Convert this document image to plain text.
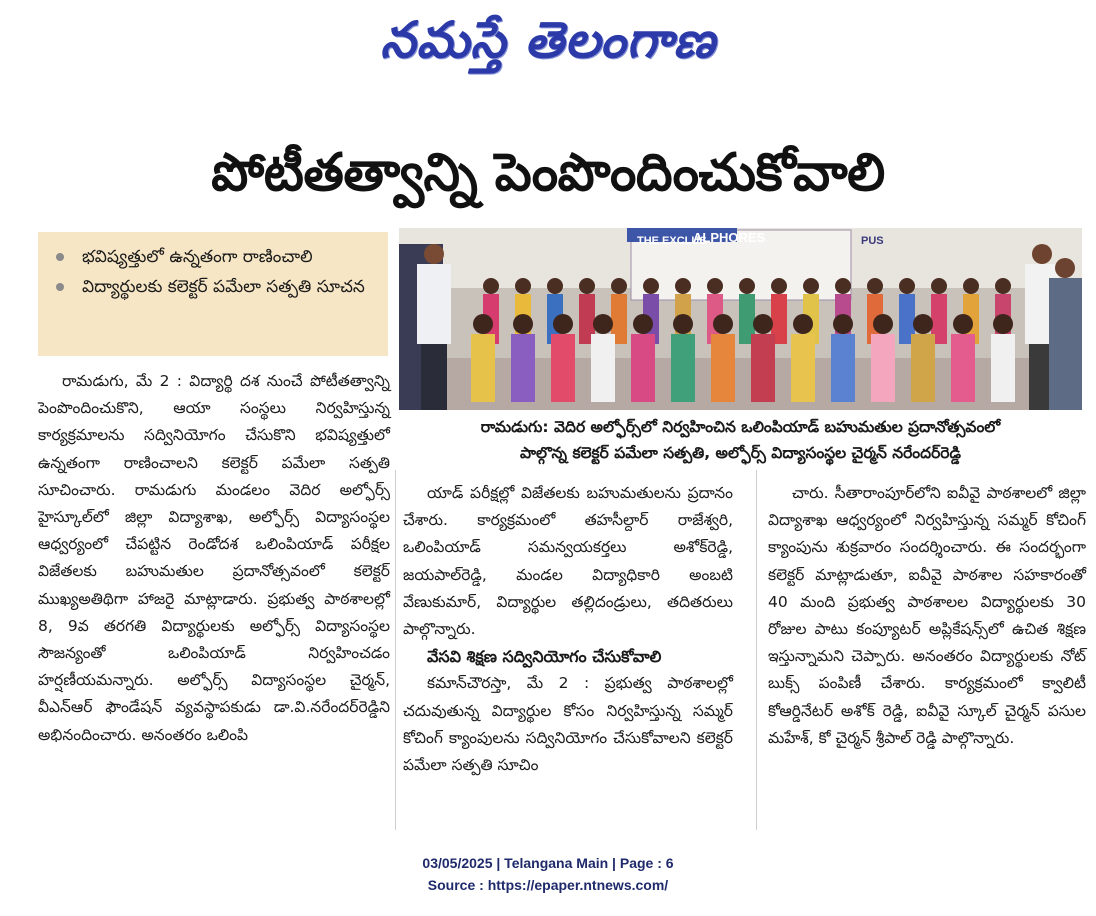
నమస్తే తెలంగాణ
పోటీతత్వాన్ని పెంపొందించుకోవాలి
భవిష్యత్తులో ఉన్నతంగా రాణించాలి
విద్యార్థులకు కలెక్టర్ పమేలా సత్పతి సూచన
ALPHORES
THE EXCLUS	PUS
రామడుగు: వెదిర అల్ఫోర్స్‌లో నిర్వహించిన ఒలింపియాడ్ బహుమతుల ప్రదానోత్సవంలో
పాల్గొన్న కలెక్టర్ పమేలా సత్పతి, అల్ఫోర్స్ విద్యాసంస్థల చైర్మన్ నరేందర్‌రెడ్డి

రామడుగు, మే 2 : విద్యార్థి దశ నుంచే పోటీతత్వాన్ని పెంపొందించుకొని, ఆయా సంస్థలు నిర్వహిస్తున్న కార్యక్రమాలను సద్వినియోగం చేసుకొని భవిష్యత్తులో ఉన్నతంగా రాణించాలని కలెక్టర్ పమేలా సత్పతి సూచించారు. రామడుగు మండలం వెదిర అల్ఫోర్స్ హైస్కూల్‌లో జిల్లా విద్యాశాఖ, అల్ఫోర్స్ విద్యాసంస్థల ఆధ్వర్యంలో చేపట్టిన రెండోదశ ఒలింపియాడ్ పరీక్షల విజేతలకు బహుమతుల ప్రదానోత్సవంలో కలెక్టర్ ముఖ్యఅతిథిగా హాజరై మాట్లాడారు. ప్రభుత్వ పాఠశాలల్లో 8, 9వ తరగతి విద్యార్థులకు అల్ఫోర్స్ విద్యాసంస్థల సౌజన్యంతో ఒలింపియాడ్ నిర్వహించడం హర్షణీయమన్నారు. అల్ఫోర్స్ విద్యాసంస్థల చైర్మన్, వీఎన్ఆర్ ఫౌండేషన్ వ్యవస్థాపకుడు డా.వి.నరేందర్‌రెడ్డిని అభినందించారు. అనంతరం ఒలింపి

యాడ్ పరీక్షల్లో విజేతలకు బహుమతులను ప్రదానం చేశారు. కార్యక్రమంలో తహసీల్దార్ రాజేశ్వరి, ఒలింపియాడ్ సమన్వయకర్తలు అశోక్‌రెడ్డి, జయపాల్‌రెడ్డి, మండల విద్యాధికారి అంబటి వేణుకుమార్, విద్యార్థుల తల్లిదండ్రులు, తదితరులు పాల్గొన్నారు.

వేసవి శిక్షణ సద్వినియోగం చేసుకోవాలి

కమాన్‌చౌరస్తా, మే 2 : ప్రభుత్వ పాఠశాలల్లో చదువుతున్న విద్యార్థుల కోసం నిర్వహిస్తున్న సమ్మర్ కోచింగ్ క్యాంపులను సద్వినియోగం చేసుకోవాలని కలెక్టర్ పమేలా సత్పతి సూచిం

చారు. సీతారాంపూర్‌లోని ఐవీవై పాఠశాలలో జిల్లా విద్యాశాఖ ఆధ్వర్యంలో నిర్వహిస్తున్న సమ్మర్ కోచింగ్ క్యాంపును శుక్రవారం సందర్శించారు. ఈ సందర్భంగా కలెక్టర్ మాట్లాడుతూ, ఐవీవై పాఠశాల సహకారంతో 40 మంది ప్రభుత్వ పాఠశాలల విద్యార్థులకు 30 రోజుల పాటు కంప్యూటర్ అప్లికేషన్స్‌లో ఉచిత శిక్షణ ఇస్తున్నామని చెప్పారు. అనంతరం విద్యార్థులకు నోట్ బుక్స్ పంపిణీ చేశారు. కార్యక్రమంలో క్వాలిటీ కోఆర్డినేటర్ అశోక్ రెడ్డి, ఐవీవై స్కూల్ చైర్మన్ పసుల మహేశ్, కో చైర్మన్ శ్రీపాల్ రెడ్డి పాల్గొన్నారు.

03/05/2025 | Telangana Main | Page : 6
Source : https://epaper.ntnews.com/
